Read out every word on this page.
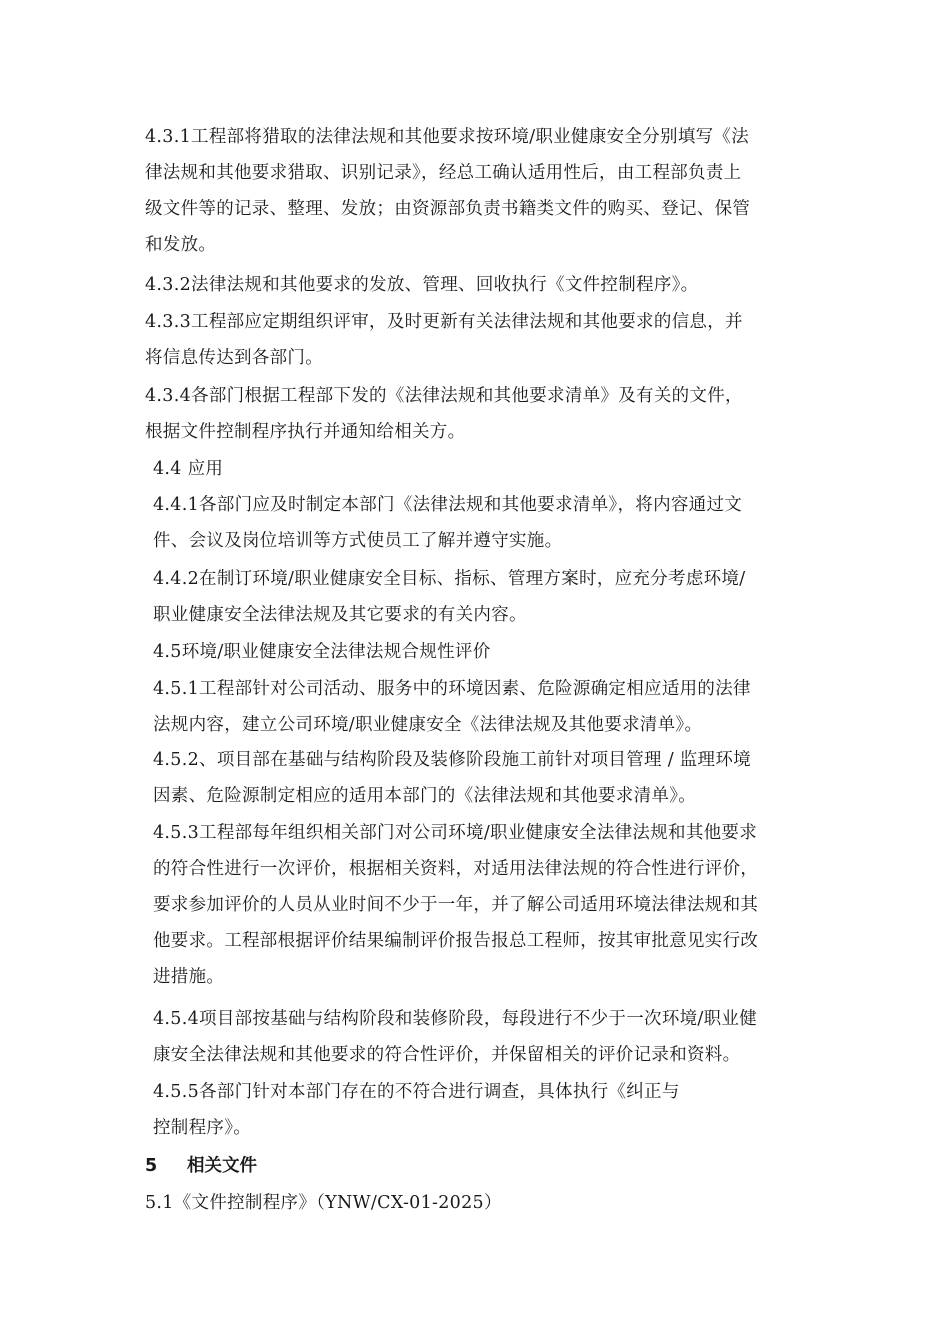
4.3.1工程部将猎取的法律法规和其他要求按环境/职业健康安全分别填写《法
律法规和其他要求猎取、识别记录》，经总工确认适用性后，由工程部负责上
级文件等的记录、整理、发放；由资源部负责书籍类文件的购买、登记、保管
和发放。

4.3.2法律法规和其他要求的发放、管理、回收执行《文件控制程序》。

4.3.3工程部应定期组织评审，及时更新有关法律法规和其他要求的信息，并
将信息传达到各部门。

4.3.4各部门根据工程部下发的《法律法规和其他要求清单》及有关的文件，
根据文件控制程序执行并通知给相关方。

4.4 应用

4.4.1各部门应及时制定本部门《法律法规和其他要求清单》，将内容通过文
件、会议及岗位培训等方式使员工了解并遵守实施。

4.4.2在制订环境/职业健康安全目标、指标、管理方案时，应充分考虑环境/
职业健康安全法律法规及其它要求的有关内容。

4.5环境/职业健康安全法律法规合规性评价

4.5.1工程部针对公司活动、服务中的环境因素、危险源确定相应适用的法律
法规内容，建立公司环境/职业健康安全《法律法规及其他要求清单》。

4.5.2、项目部在基础与结构阶段及装修阶段施工前针对项目管理 / 监理环境
因素、危险源制定相应的适用本部门的《法律法规和其他要求清单》。

4.5.3工程部每年组织相关部门对公司环境/职业健康安全法律法规和其他要求
的符合性进行一次评价，根据相关资料，对适用法律法规的符合性进行评价，
要求参加评价的人员从业时间不少于一年，并了解公司适用环境法律法规和其
他要求。工程部根据评价结果编制评价报告报总工程师，按其审批意见实行改
进措施。

4.5.4项目部按基础与结构阶段和装修阶段，每段进行不少于一次环境/职业健
康安全法律法规和其他要求的符合性评价，并保留相关的评价记录和资料。

4.5.5各部门针对本部门存在的不符合进行调查，具体执行《纠正与
控制程序》。

5 相关文件

5.1《文件控制程序》（YNW/CX-01-2025）
